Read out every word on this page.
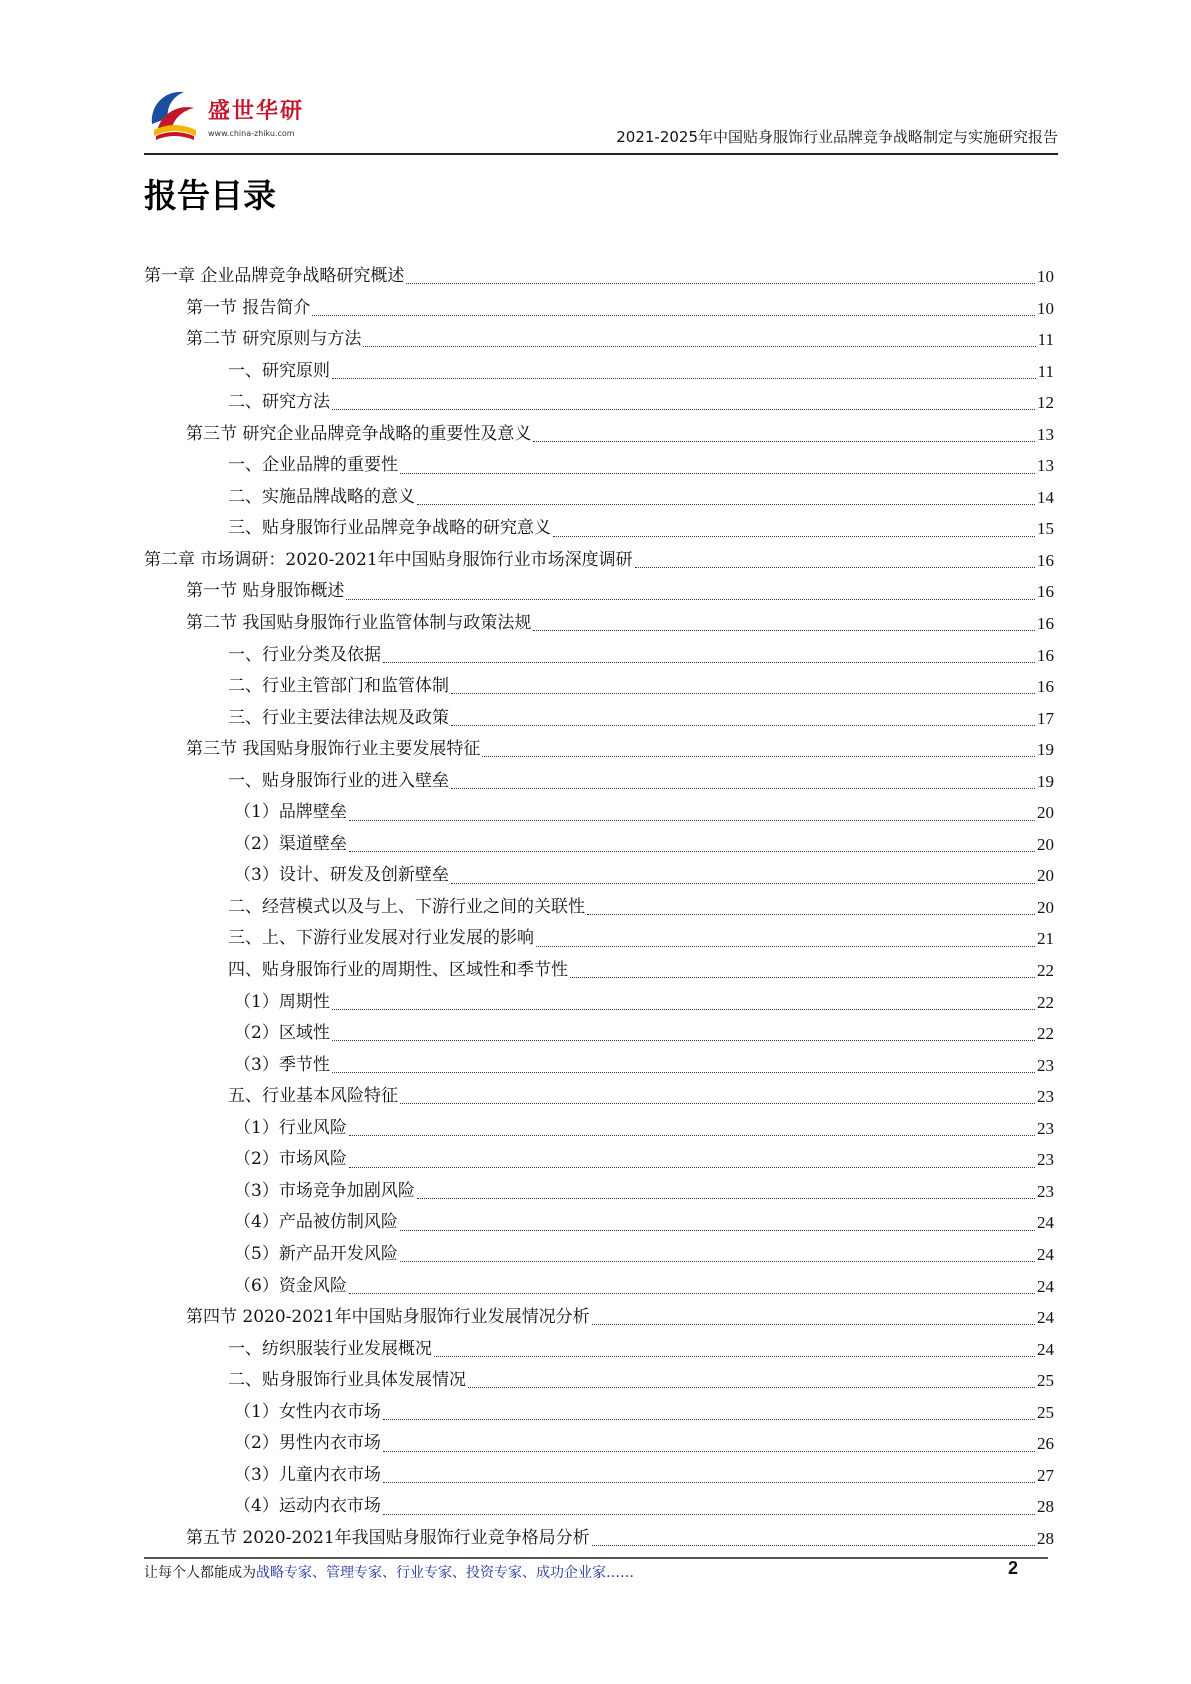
盛世华研
www.china-zhiku.com	2021-2025年中国贴身服饰行业品牌竞争战略制定与实施研究报告
报告目录
第一章 企业品牌竞争战略研究概述	10
第一节 报告简介	10
第二节 研究原则与方法	11
一、研究原则	11
二、研究方法	12
第三节 研究企业品牌竞争战略的重要性及意义	13
一、企业品牌的重要性	13
二、实施品牌战略的意义	14
三、贴身服饰行业品牌竞争战略的研究意义	15
第二章 市场调研：2020-2021年中国贴身服饰行业市场深度调研	16
第一节 贴身服饰概述	16
第二节 我国贴身服饰行业监管体制与政策法规	16
一、行业分类及依据	16
二、行业主管部门和监管体制	16
三、行业主要法律法规及政策	17
第三节 我国贴身服饰行业主要发展特征	19
一、贴身服饰行业的进入壁垒	19
（1）品牌壁垒	20
（2）渠道壁垒	20
（3）设计、研发及创新壁垒	20
二、经营模式以及与上、下游行业之间的关联性	20
三、上、下游行业发展对行业发展的影响	21
四、贴身服饰行业的周期性、区域性和季节性	22
（1）周期性	22
（2）区域性	22
（3）季节性	23
五、行业基本风险特征	23
（1）行业风险	23
（2）市场风险	23
（3）市场竞争加剧风险	23
（4）产品被仿制风险	24
（5）新产品开发风险	24
（6）资金风险	24
第四节 2020-2021年中国贴身服饰行业发展情况分析	24
一、纺织服装行业发展概况	24
二、贴身服饰行业具体发展情况	25
（1）女性内衣市场	25
（2）男性内衣市场	26
（3）儿童内衣市场	27
（4）运动内衣市场	28
第五节 2020-2021年我国贴身服饰行业竞争格局分析	28
让每个人都能成为战略专家、管理专家、行业专家、投资专家、成功企业家……	2
